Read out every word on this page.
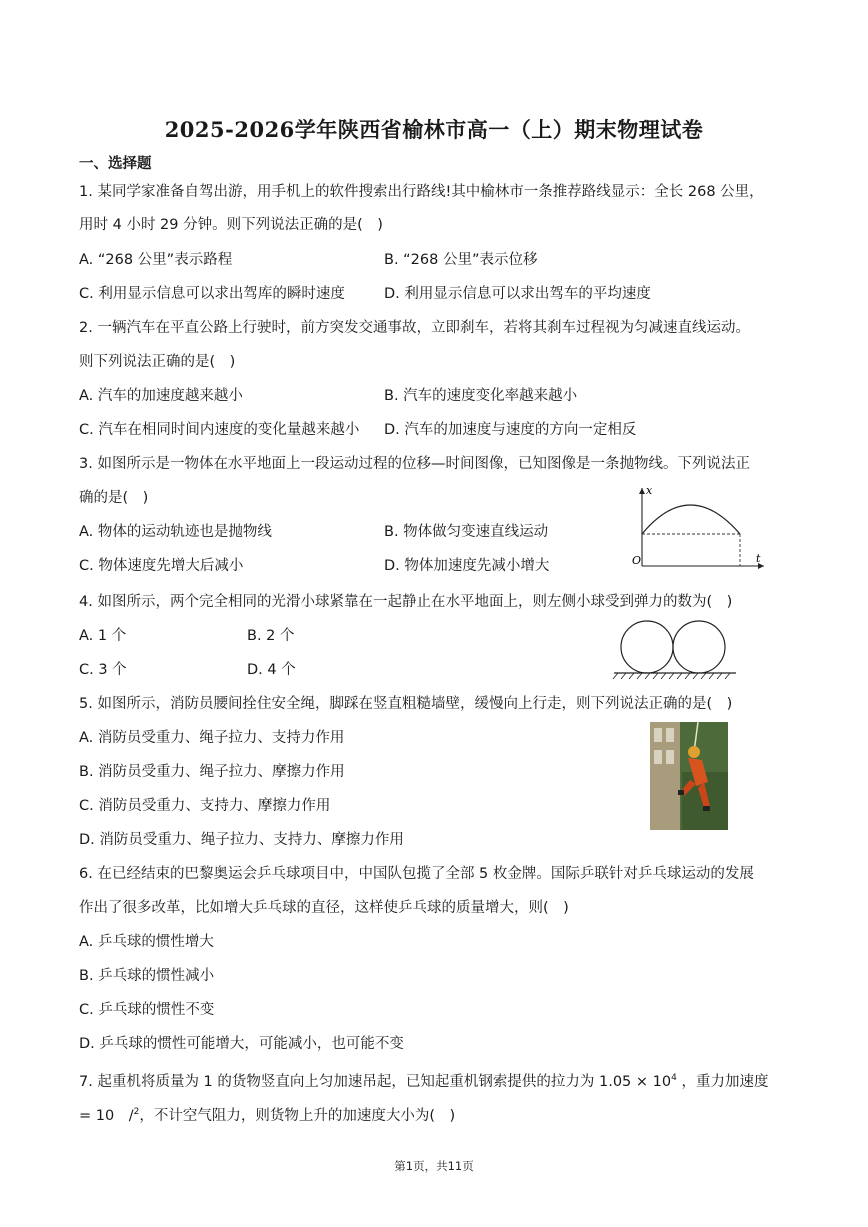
2025-2026学年陕西省榆林市高一（上）期末物理试卷
一、选择题
1. 某同学家准备自驾出游，用手机上的软件搜索出行路线!其中榆林市一条推荐路线显示：全长 268 公里，
用时 4 小时 29 分钟。则下列说法正确的是(　)
A. “268 公里”表示路程	B. “268 公里”表示位移
C. 利用显示信息可以求出驾库的瞬时速度	D. 利用显示信息可以求出驾车的平均速度
2. 一辆汽车在平直公路上行驶时，前方突发交通事故，立即刹车，若将其刹车过程视为匀减速直线运动。
则下列说法正确的是(　)
A. 汽车的加速度越来越小	B. 汽车的速度变化率越来越小
C. 汽车在相同时间内速度的变化量越来越小 D. 汽车的加速度与速度的方向一定相反
3. 如图所示是一物体在水平地面上一段运动过程的位移—时间图像，已知图像是一条抛物线。下列说法正
确的是(　)
A. 物体的运动轨迹也是抛物线	B. 物体做匀变速直线运动
C. 物体速度先增大后减小	D. 物体加速度先减小增大
x
t
O
4. 如图所示，两个完全相同的光滑小球紧靠在一起静止在水平地面上，则左侧小球受到弹力的数为(　)
A. 1 个	B. 2 个
C. 3 个	D. 4 个
5. 如图所示，消防员腰间拴住安全绳，脚踩在竖直粗糙墙壁，缓慢向上行走，则下列说法正确的是(　)
A. 消防员受重力、绳子拉力、支持力作用
B. 消防员受重力、绳子拉力、摩擦力作用
C. 消防员受重力、支持力、摩擦力作用
D. 消防员受重力、绳子拉力、支持力、摩擦力作用
6. 在已经结束的巴黎奥运会乒乓球项目中，中国队包揽了全部 5 枚金牌。国际乒联针对乒乓球运动的发展
作出了很多改革，比如增大乒乓球的直径，这样使乒乓球的质量增大，则(　)
A. 乒乓球的惯性增大
B. 乒乓球的惯性减小
C. 乒乓球的惯性不变
D. 乒乓球的惯性可能增大，可能减小，也可能不变
7. 起重机将质量为 1 的货物竖直向上匀加速吊起，已知起重机钢索提供的拉力为 $1.05 \times 10^4$ ，重力加速度
= 10　/$^2$，不计空气阻力，则货物上升的加速度大小为(　)
第1页，共11页
